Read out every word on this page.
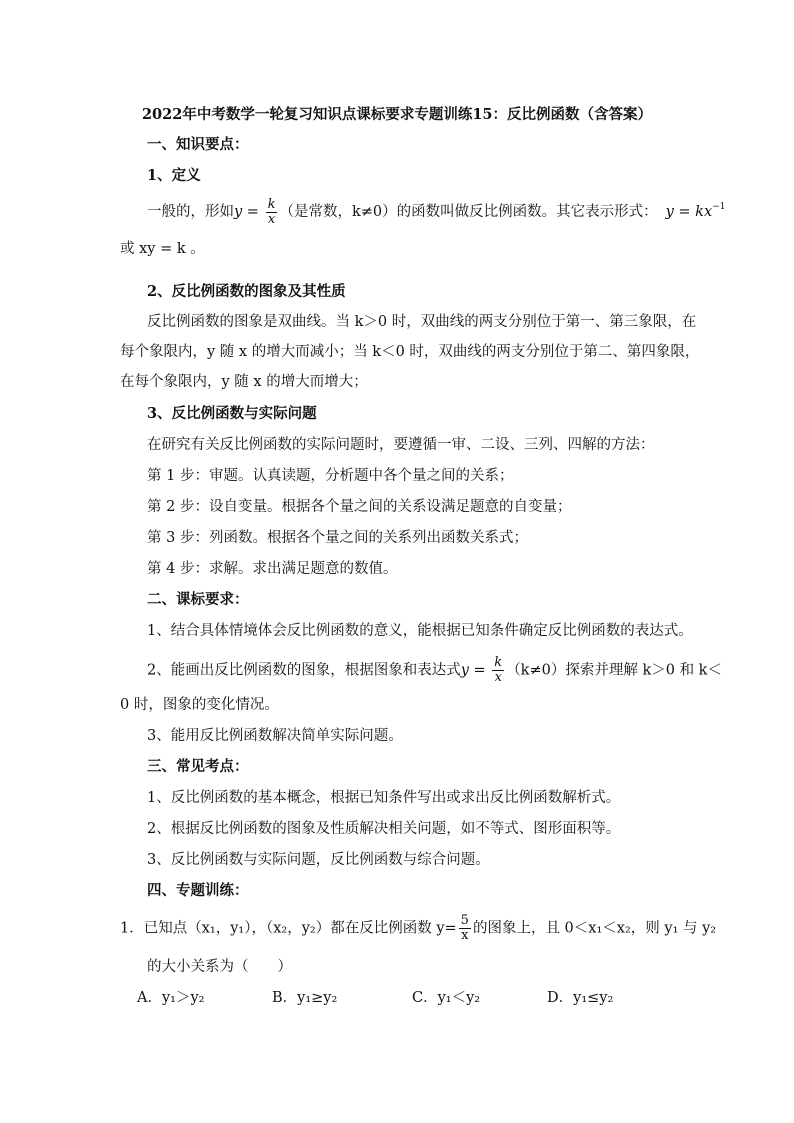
2022年中考数学一轮复习知识点课标要求专题训练15：反比例函数（含答案）
一、知识要点：
1、定义
一般的，形如$y = \frac{k}{x}$ （是常数，k≠0）的函数叫做反比例函数。其它表示形式： $y = kx^{-1}$
或 xy = k 。
2、反比例函数的图象及其性质
反比例函数的图象是双曲线。当 k＞0 时，双曲线的两支分别位于第一、第三象限，在
每个象限内，y 随 x 的增大而减小；当 k＜0 时，双曲线的两支分别位于第二、第四象限，
在每个象限内，y 随 x 的增大而增大；
3、反比例函数与实际问题
在研究有关反比例函数的实际问题时，要遵循一审、二设、三列、四解的方法：
第 1 步：审题。认真读题，分析题中各个量之间的关系；
第 2 步：设自变量。根据各个量之间的关系设满足题意的自变量；
第 3 步：列函数。根据各个量之间的关系列出函数关系式；
第 4 步：求解。求出满足题意的数值。
二、课标要求：
1、结合具体情境体会反比例函数的意义，能根据已知条件确定反比例函数的表达式。
2、能画出反比例函数的图象，根据图象和表达式$y = \frac{k}{x} (k\ne 0)$探索并理解 k＞0 和 k＜
0 时，图象的变化情况。
3、能用反比例函数解决简单实际问题。
三、常见考点：
1、反比例函数的基本概念，根据已知条件写出或求出反比例函数解析式。
2、根据反比例函数的图象及性质解决相关问题，如不等式、图形面积等。
3、反比例函数与实际问题，反比例函数与综合问题。
四、专题训练：
1．已知点（x₁，y₁），（x₂，y₂）都在反比例函数 $y= \frac{5}{x}$ 的图象上，且 0＜x₁＜x₂，则 y₁ 与 y₂
的大小关系为（　　）
A．y₁＞y₂	B．y₁≥y₂	C．y₁＜y₂	D．y₁≤y₂
